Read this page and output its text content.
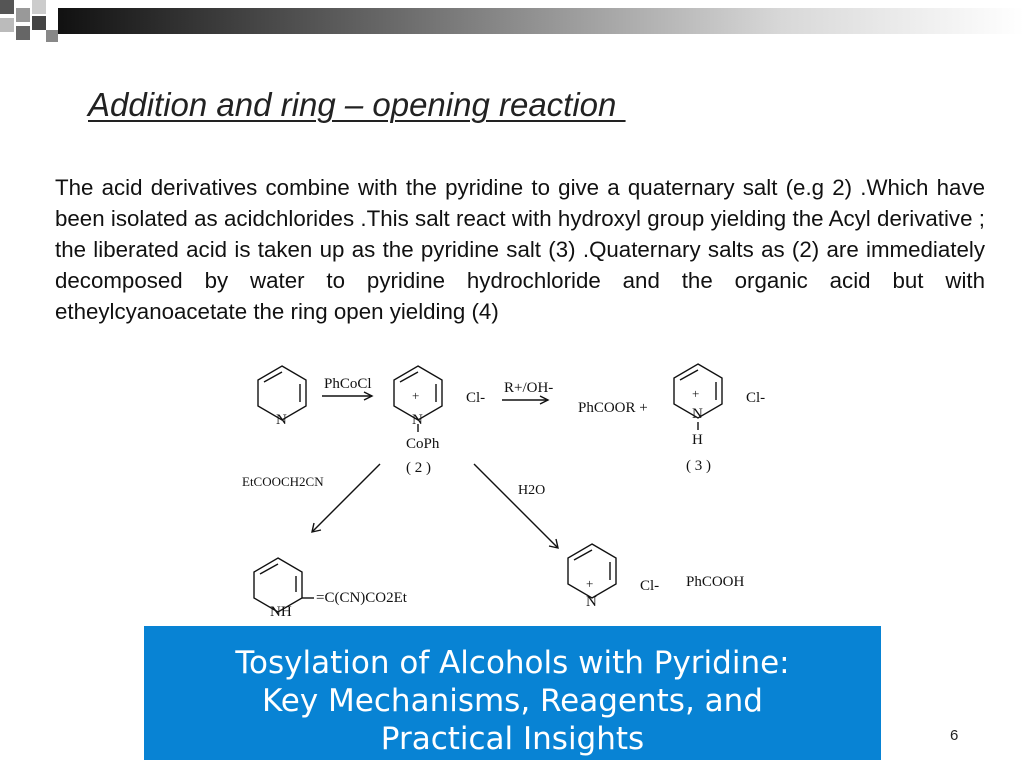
Addition and ring – opening reaction
The acid derivatives combine with the pyridine to give a quaternary salt (e.g 2) .Which have been isolated as acidchlorides .This salt react with hydroxyl group yielding the Acyl derivative ; the liberated acid is taken up as the pyridine salt (3) .Quaternary salts as (2) are immediately decomposed by water to pyridine hydrochloride and the organic acid but with etheylcyanoacetate the ring open yielding (4)
N
PhCoCl
+
N
CoPh
( 2 )
Cl-
R+/OH-
PhCOOR +
+
N
H
Cl-
( 3 )
EtCOOCH2CN
H2O
NH
=C(CN)CO2Et
+
N
Cl- PhCOOH
Tosylation of Alcohols with Pyridine:
Key Mechanisms, Reagents, and
Practical Insights	6
